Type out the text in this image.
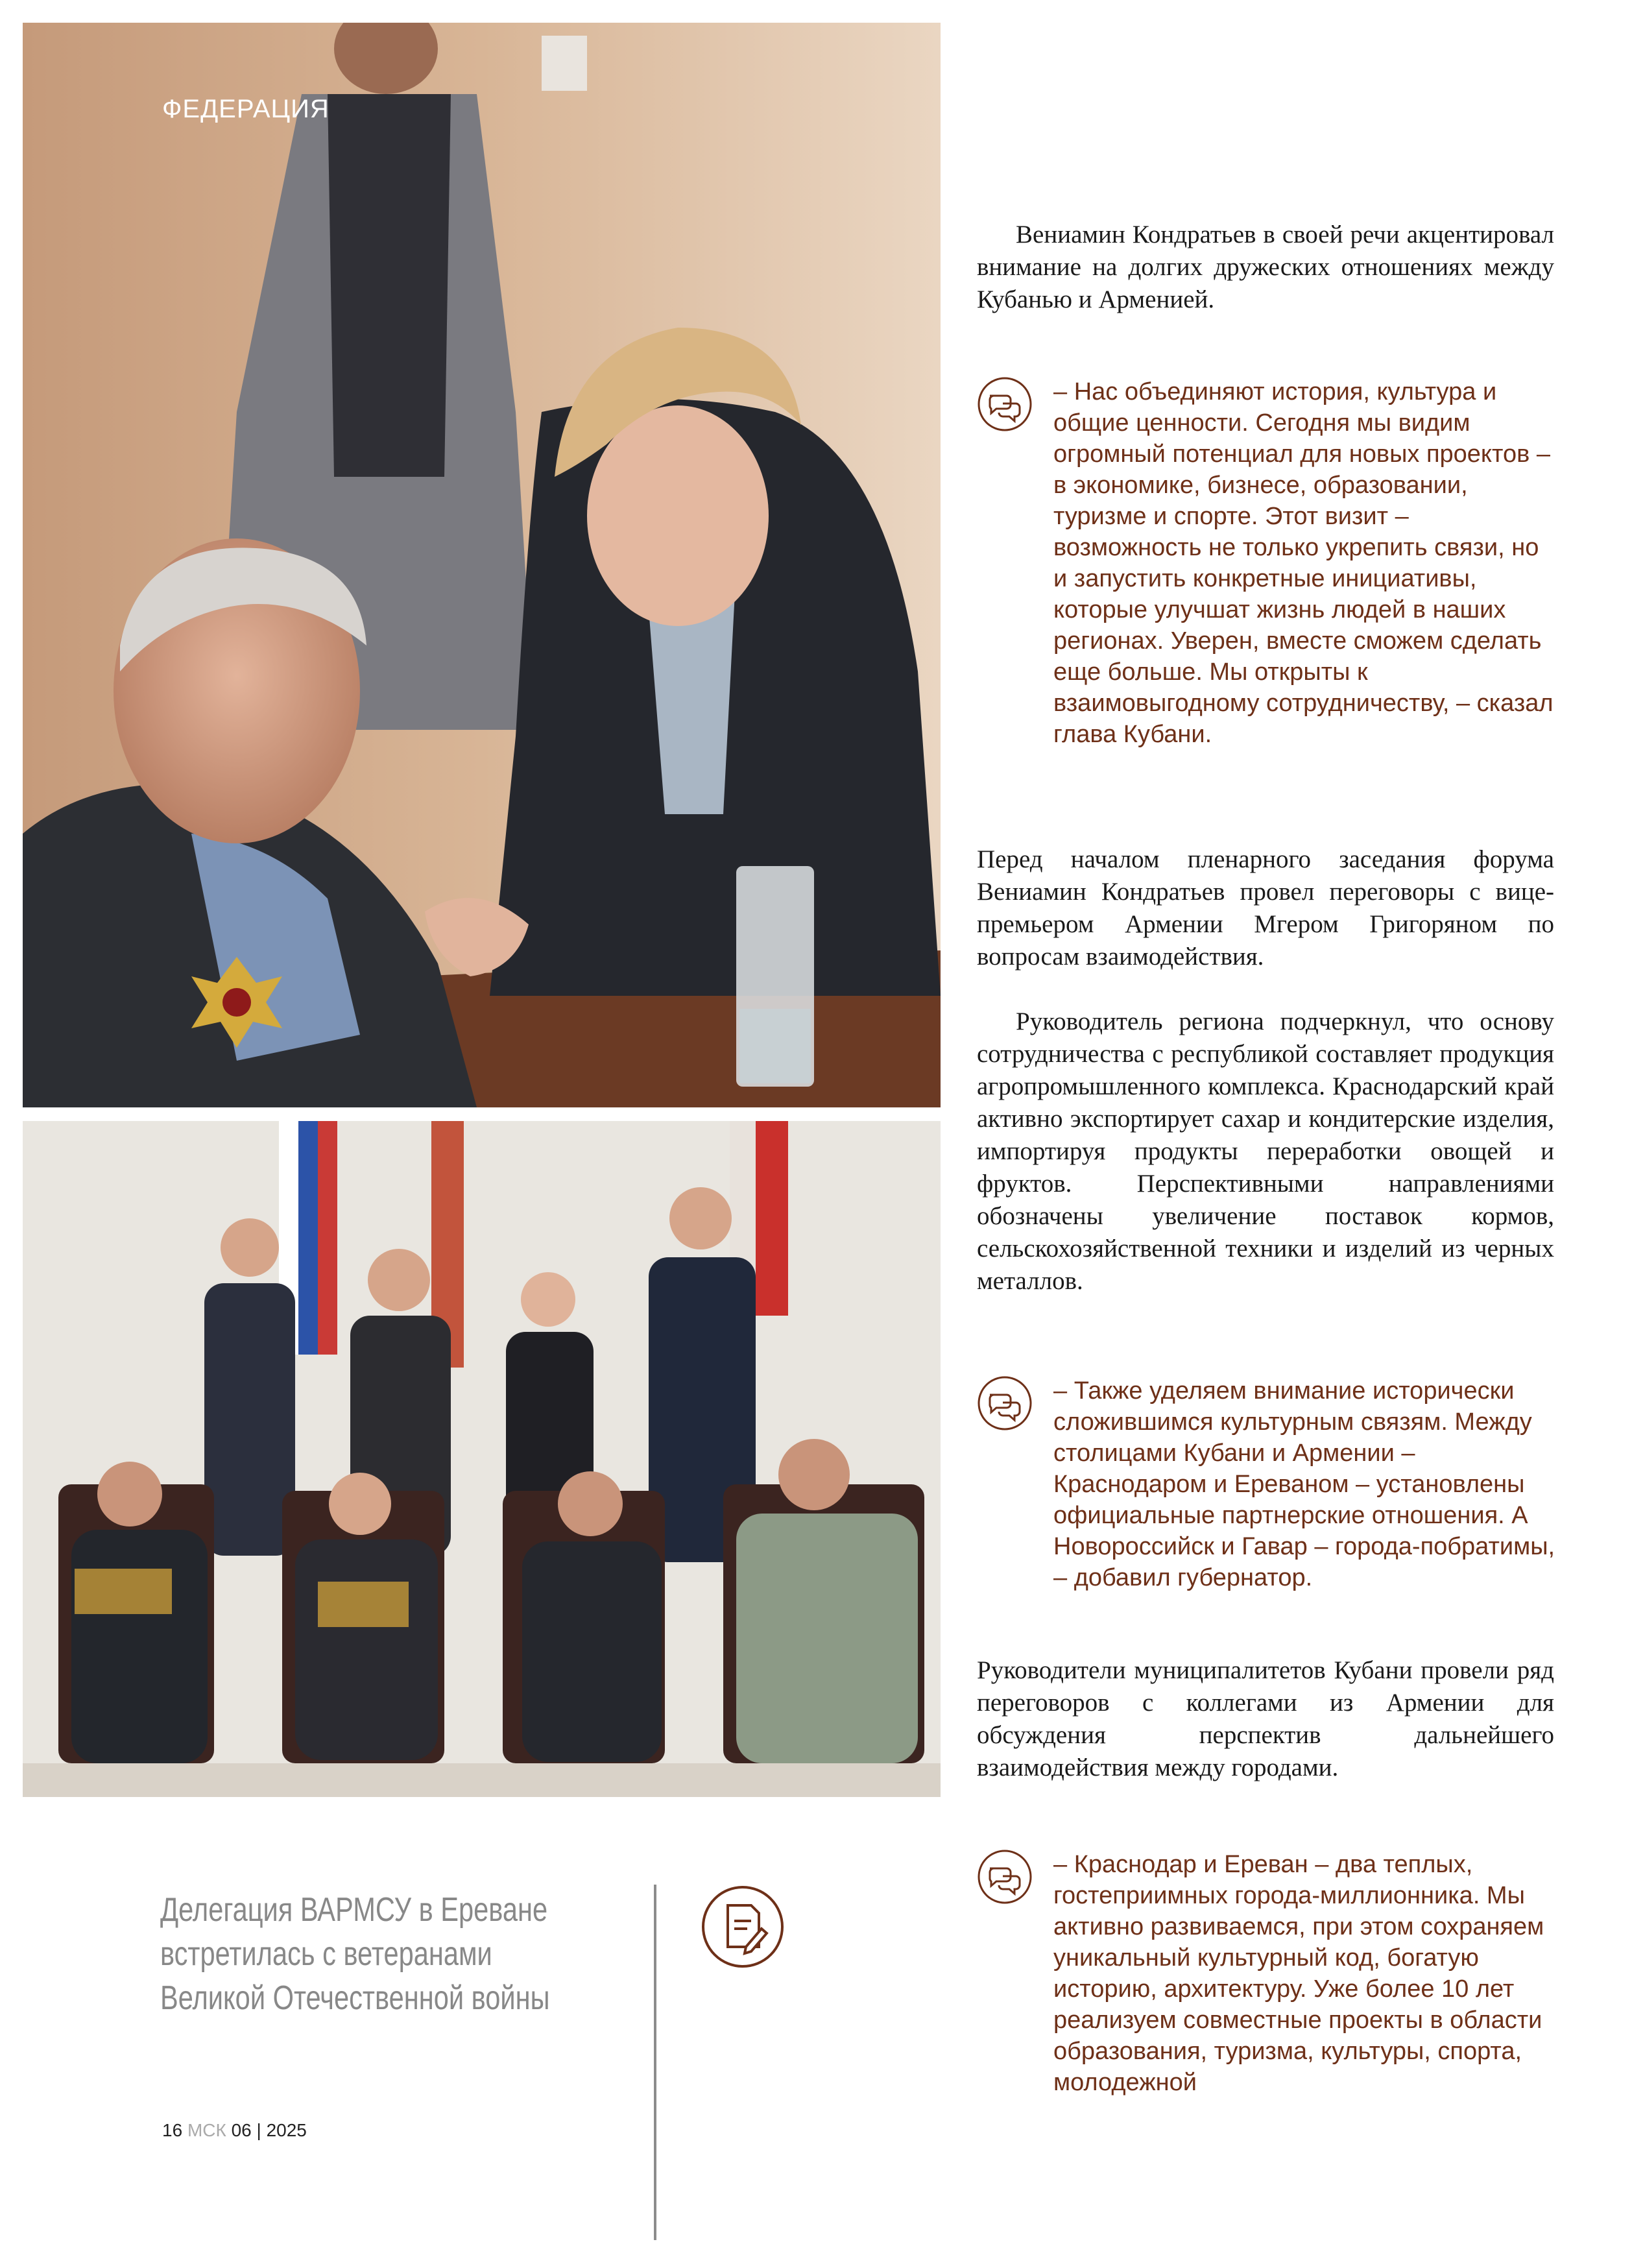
ФЕДЕРАЦИЯ

Вениамин Кондратьев в своей речи акцентировал внимание на долгих дружеских отношениях между Кубанью и Арменией.

– Нас объединяют история, культура и общие ценности. Сегодня мы видим огромный потенциал для новых проектов – в экономике, бизнесе, образовании, туризме и спорте. Этот визит – возможность не только укрепить связи, но и запустить конкретные инициативы, которые улучшат жизнь людей в наших регионах. Уверен, вместе сможем сделать еще больше. Мы открыты к взаимовыгодному сотрудничеству, – сказал глава Кубани.

Перед началом пленарного заседания форума Вениамин Кондратьев провел переговоры с вице-премьером Армении Мгером Григоряном по вопросам взаимодействия.

Руководитель региона подчеркнул, что основу сотрудничества с республикой составляет продукция агропромышленного комплекса. Краснодарский край активно экспортирует сахар и кондитерские изделия, импортируя продукты переработки овощей и фруктов. Перспективными направлениями обозначены увеличение поставок кормов, сельскохозяйственной техники и изделий из черных металлов.

– Также уделяем внимание исторически сложившимся культурным связям. Между столицами Кубани и Армении – Краснодаром и Ереваном – установлены официальные партнерские отношения. А Новороссийск и Гавар – города-побратимы, – добавил губернатор.

Руководители муниципалитетов Кубани провели ряд переговоров с коллегами из Армении для обсуждения перспектив дальнейшего взаимодействия между городами.

– Краснодар и Ереван – два теплых, гостеприимных города-миллионника. Мы активно развиваемся, при этом сохраняем уникальный культурный код, богатую историю, архитектуру. Уже более 10 лет реализуем совместные проекты в области образования, туризма, культуры, спорта, молодежной

Делегация ВАРМСУ в Ереване встретилась с ветеранами Великой Отечественной войны

16 МСК 06 | 2025
